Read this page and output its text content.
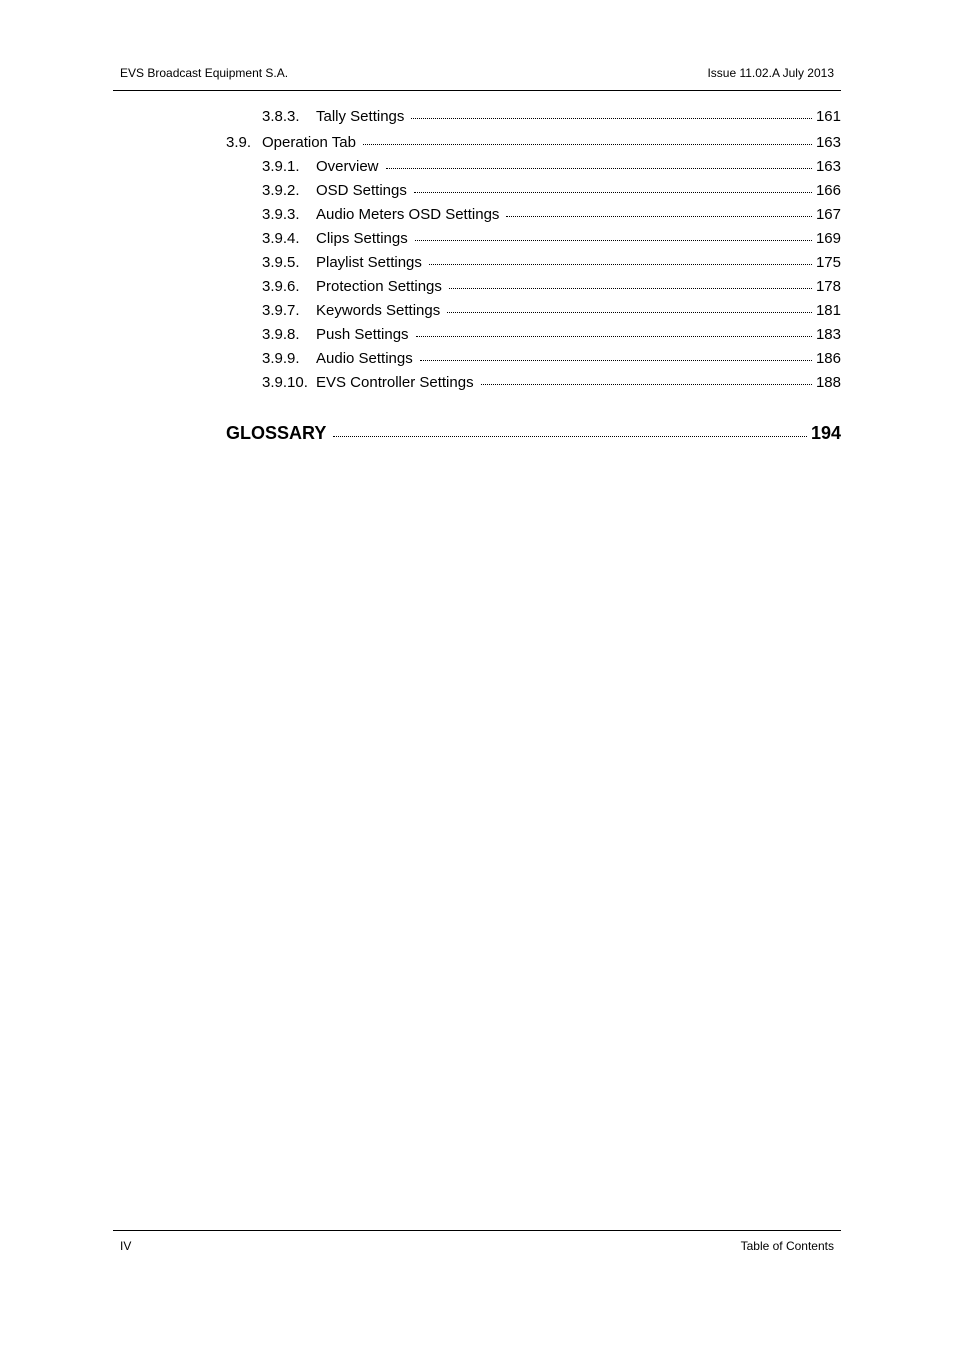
EVS Broadcast Equipment S.A.	Issue 11.02.A July 2013
3.8.3.	Tally Settings	161
3.9. Operation Tab	163
3.9.1.	Overview	163
3.9.2.	OSD Settings	166
3.9.3.	Audio Meters OSD Settings	167
3.9.4.	Clips Settings	169
3.9.5.	Playlist Settings	175
3.9.6.	Protection Settings	178
3.9.7.	Keywords Settings	181
3.9.8.	Push Settings	183
3.9.9.	Audio Settings	186
3.9.10. EVS Controller Settings	188
GLOSSARY	194
IV	Table of Contents
